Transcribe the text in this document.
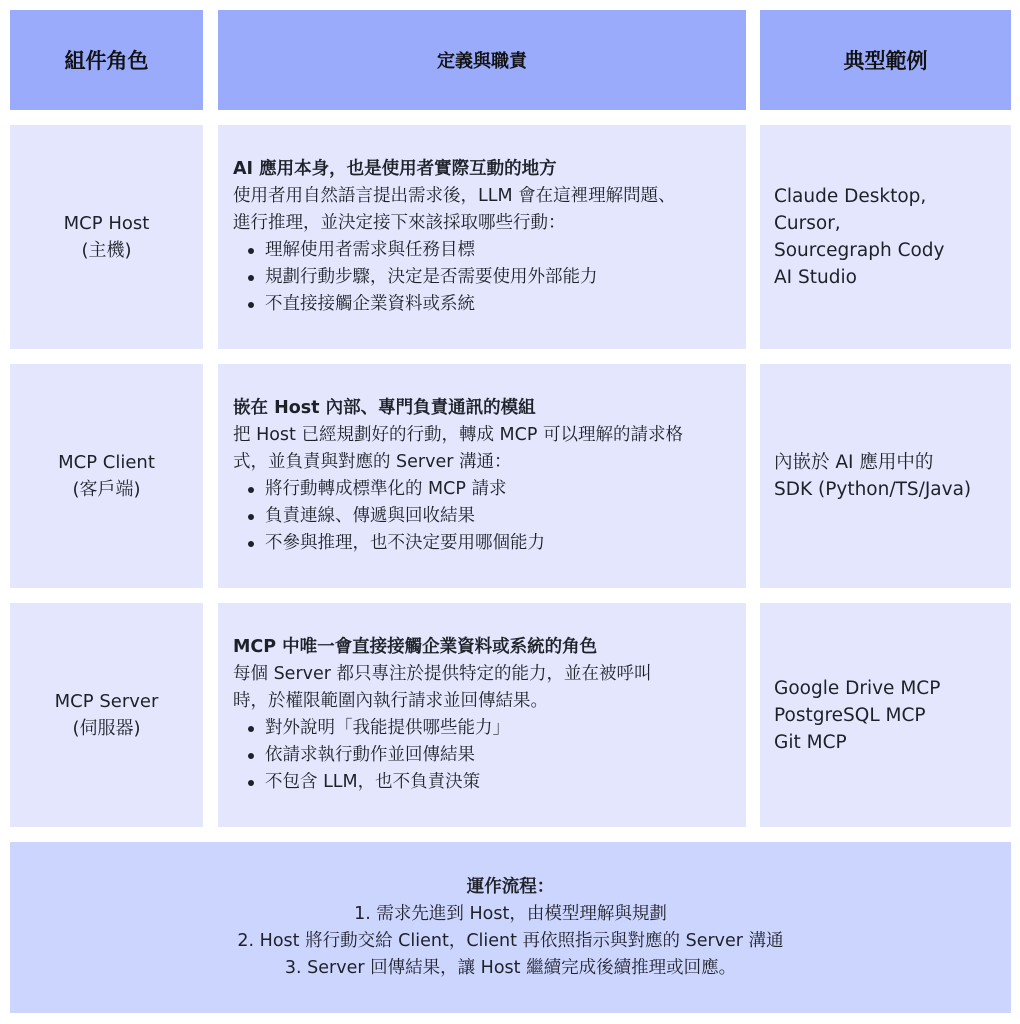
組件角色	定義與職責	典型範例
MCP Host
(主機)
AI 應用本身，也是使用者實際互動的地方
使用者用自然語言提出需求後，LLM 會在這裡理解問題、
進行推理，並決定接下來該採取哪些行動：
理解使用者需求與任務目標
規劃行動步驟，決定是否需要使用外部能力
不直接接觸企業資料或系統
Claude Desktop,
Cursor,
Sourcegraph Cody
AI Studio
MCP Client
(客戶端)
嵌在 Host 內部、專門負責通訊的模組
把 Host 已經規劃好的行動，轉成 MCP 可以理解的請求格
式，並負責與對應的 Server 溝通：
將行動轉成標準化的 MCP 請求
負責連線、傳遞與回收結果
不參與推理，也不決定要用哪個能力
內嵌於 AI 應用中的
SDK (Python/TS/Java)
MCP Server
(伺服器)
MCP 中唯一會直接接觸企業資料或系統的角色
每個 Server 都只專注於提供特定的能力，並在被呼叫
時，於權限範圍內執行請求並回傳結果。
對外說明「我能提供哪些能力」
依請求執行動作並回傳結果
不包含 LLM，也不負責決策
Google Drive MCP
PostgreSQL MCP
Git MCP
運作流程：
1. 需求先進到 Host，由模型理解與規劃
2. Host 將行動交給 Client，Client 再依照指示與對應的 Server 溝通
3. Server 回傳結果，讓 Host 繼續完成後續推理或回應。
